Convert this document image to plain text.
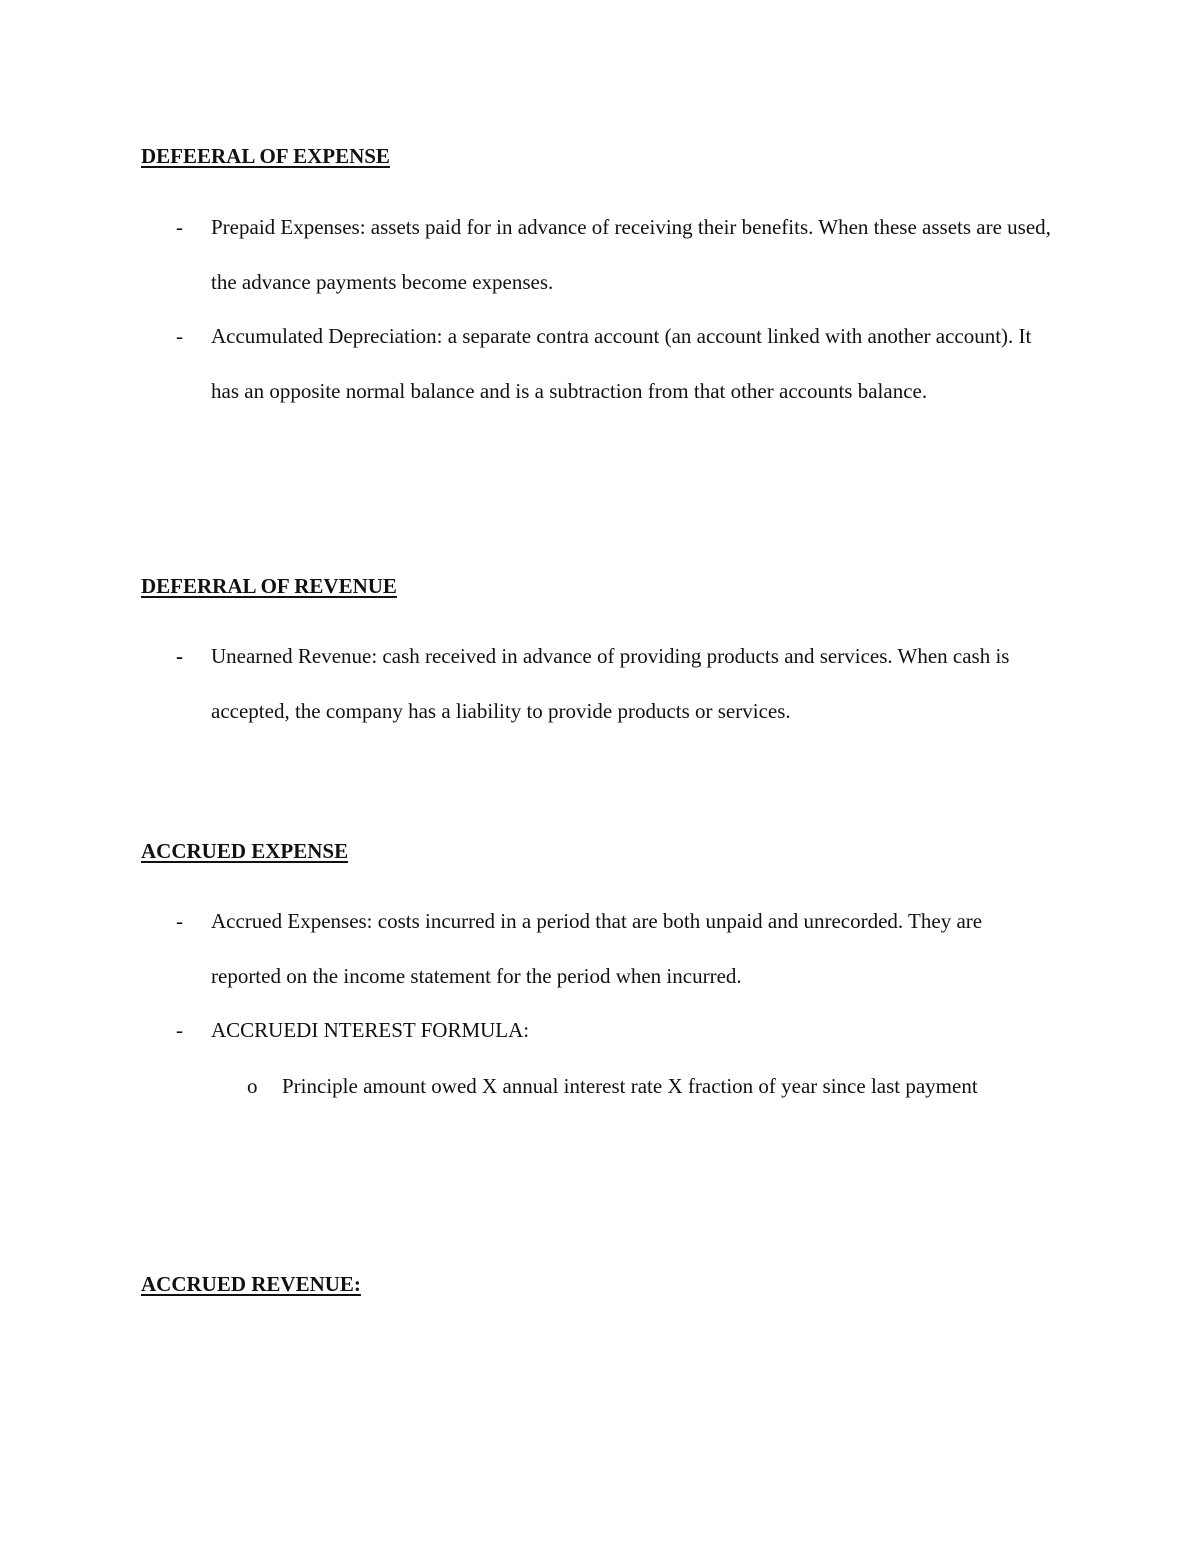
DEFEERAL OF EXPENSE
- Prepaid Expenses: assets paid for in advance of receiving their benefits. When these assets are used, the advance payments become expenses.
- Accumulated Depreciation: a separate contra account (an account linked with another account). It has an opposite normal balance and is a subtraction from that other accounts balance.
DEFERRAL OF REVENUE
- Unearned Revenue: cash received in advance of providing products and services. When cash is accepted, the company has a liability to provide products or services.
ACCRUED EXPENSE
- Accrued Expenses: costs incurred in a period that are both unpaid and unrecorded. They are reported on the income statement for the period when incurred.
- ACCRUEDI NTEREST FORMULA:
o Principle amount owed X annual interest rate X fraction of year since last payment
ACCRUED REVENUE:
